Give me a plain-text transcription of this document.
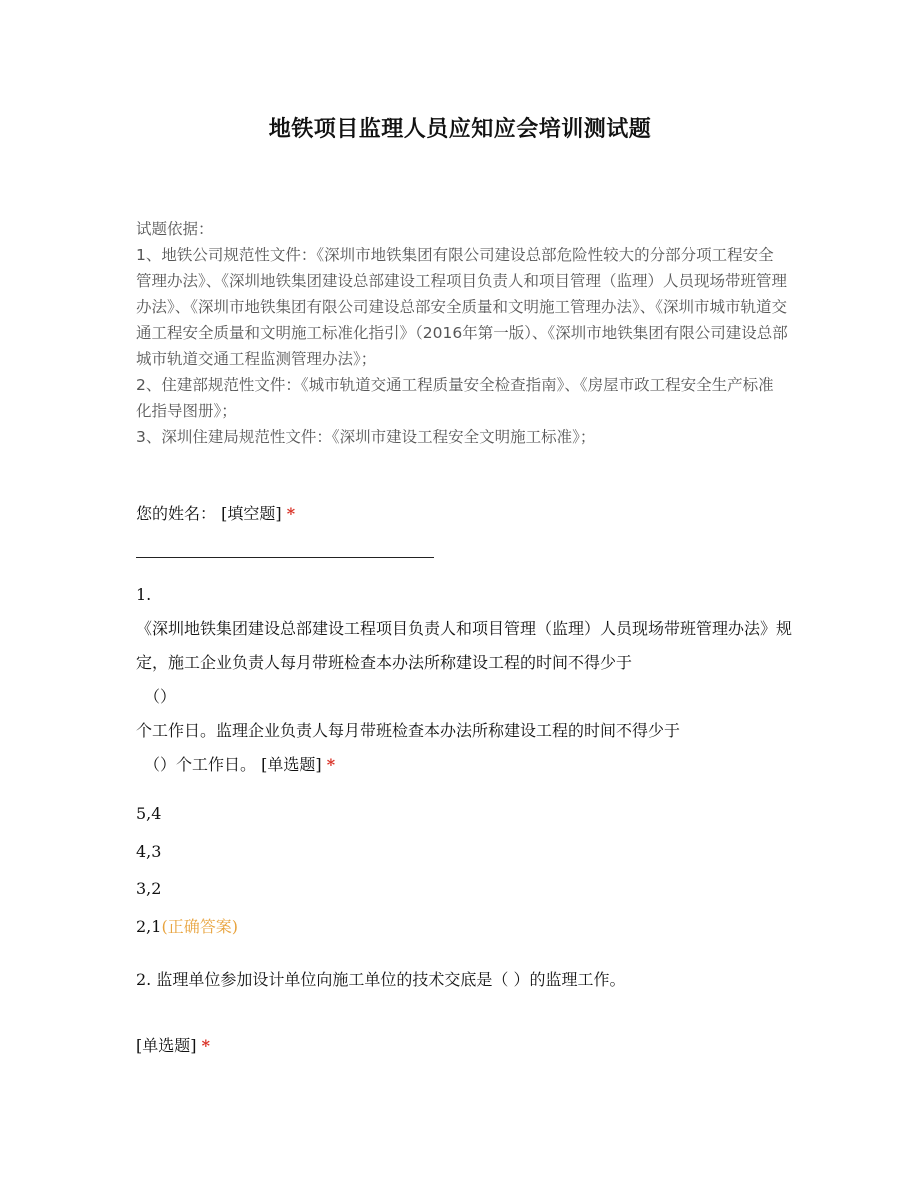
地铁项目监理人员应知应会培训测试题

试题依据：

1、地铁公司规范性文件：《深圳市地铁集团有限公司建设总部危险性较大的分部分项工程安全管理办法》、《深圳地铁集团建设总部建设工程项目负责人和项目管理（监理）人员现场带班管理办法》、《深圳市地铁集团有限公司建设总部安全质量和文明施工管理办法》、《深圳市城市轨道交通工程安全质量和文明施工标准化指引》（2016年第一版）、《深圳市地铁集团有限公司建设总部城市轨道交通工程监测管理办法》；

2、住建部规范性文件：《城市轨道交通工程质量安全检查指南》、《房屋市政工程安全生产标准化指导图册》；

3、深圳住建局规范性文件：《深圳市建设工程安全文明施工标准》；

您的姓名： [填空题] *

1.

《深圳地铁集团建设总部建设工程项目负责人和项目管理（监理）人员现场带班管理办法》规定，施工企业负责人每月带班检查本办法所称建设工程的时间不得少于

（）

个工作日。监理企业负责人每月带班检查本办法所称建设工程的时间不得少于

（）个工作日。 [单选题] *

5,4

4,3

3,2

2,1(正确答案)

2. 监理单位参加设计单位向施工单位的技术交底是（ ）的监理工作。

[单选题] *
